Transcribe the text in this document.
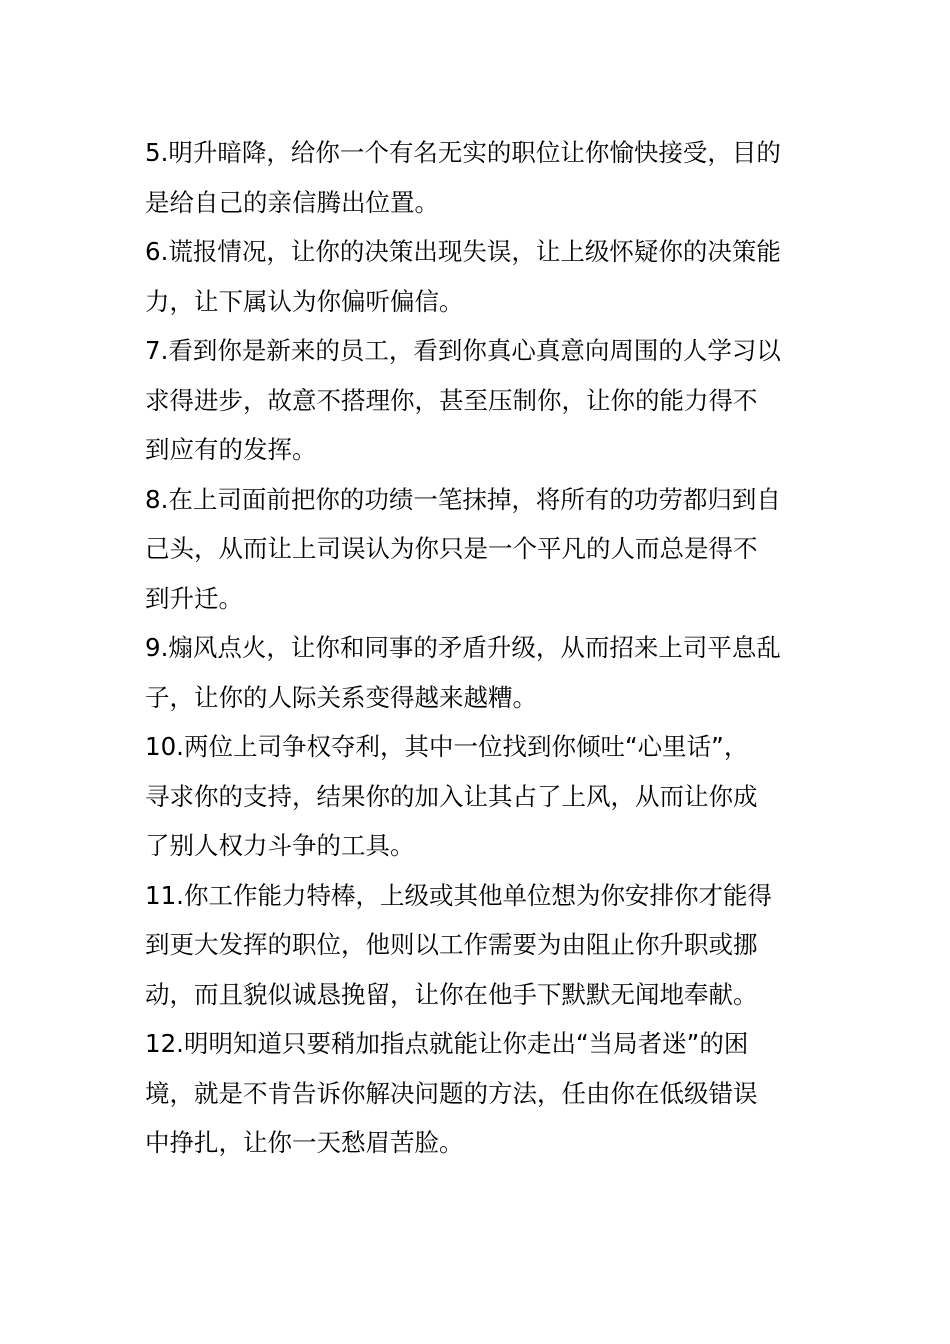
5.明升暗降，给你一个有名无实的职位让你愉快接受，目的
是给自己的亲信腾出位置。
6.谎报情况，让你的决策出现失误，让上级怀疑你的决策能
力，让下属认为你偏听偏信。
7.看到你是新来的员工，看到你真心真意向周围的人学习以
求得进步，故意不搭理你，甚至压制你，让你的能力得不
到应有的发挥。
8.在上司面前把你的功绩一笔抹掉，将所有的功劳都归到自
己头，从而让上司误认为你只是一个平凡的人而总是得不
到升迁。
9.煽风点火，让你和同事的矛盾升级，从而招来上司平息乱
子，让你的人际关系变得越来越糟。
10.两位上司争权夺利，其中一位找到你倾吐“心里话”，
寻求你的支持，结果你的加入让其占了上风，从而让你成
了别人权力斗争的工具。
11.你工作能力特棒，上级或其他单位想为你安排你才能得
到更大发挥的职位，他则以工作需要为由阻止你升职或挪
动，而且貌似诚恳挽留，让你在他手下默默无闻地奉献。
12.明明知道只要稍加指点就能让你走出“当局者迷”的困
境，就是不肯告诉你解决问题的方法，任由你在低级错误
中挣扎，让你一天愁眉苦脸。
